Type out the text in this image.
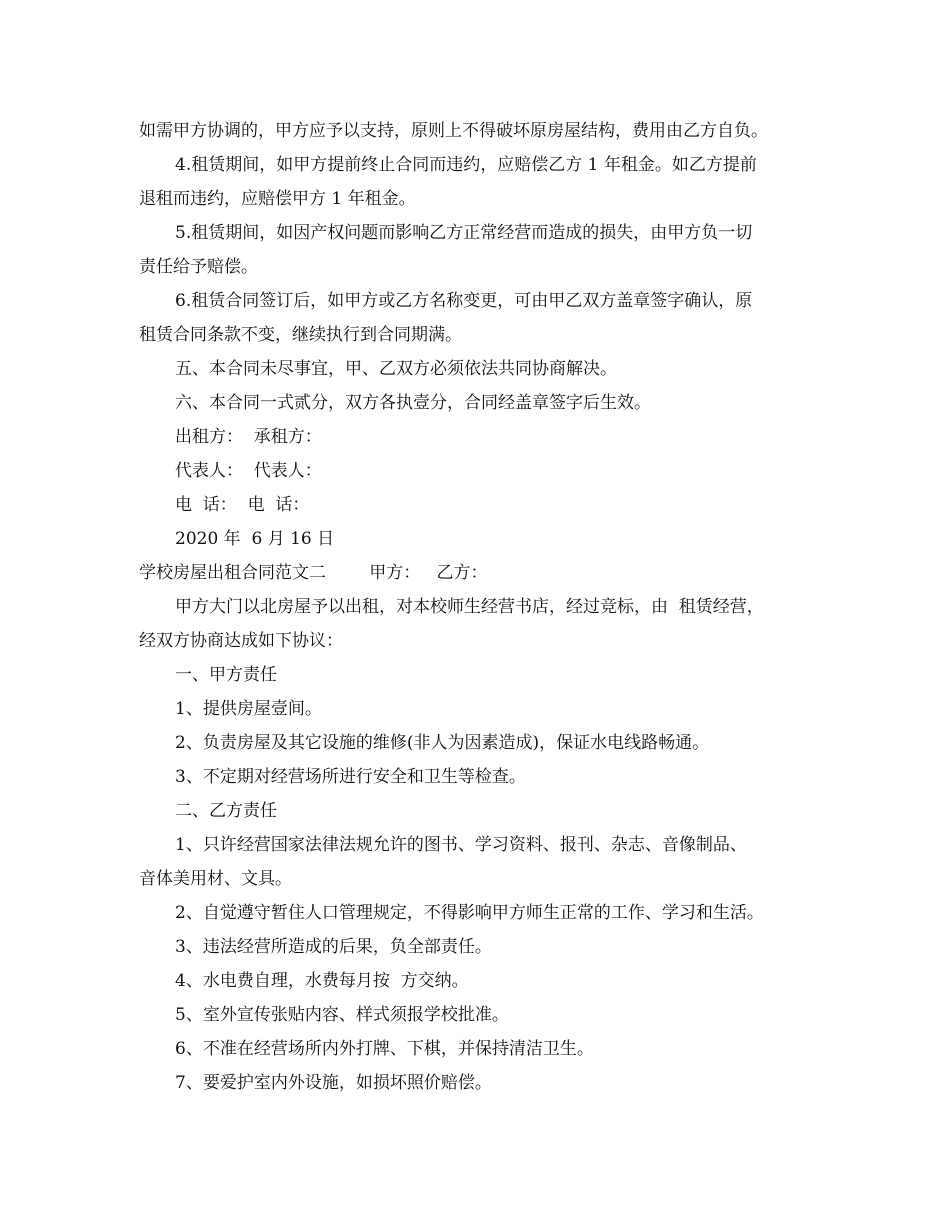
如需甲方协调的，甲方应予以支持，原则上不得破坏原房屋结构，费用由乙方自负。
4.租赁期间，如甲方提前终止合同而违约，应赔偿乙方 1 年租金。如乙方提前
退租而违约，应赔偿甲方 1 年租金。
5.租赁期间，如因产权问题而影响乙方正常经营而造成的损失，由甲方负一切
责任给予赔偿。
6.租赁合同签订后，如甲方或乙方名称变更，可由甲乙双方盖章签字确认，原
租赁合同条款不变，继续执行到合同期满。
五、本合同未尽事宜，甲、乙双方必须依法共同协商解决。
六、本合同一式贰分，双方各执壹分，合同经盖章签字后生效。
出租方：  承租方：
代表人：  代表人：
电  话：  电  话：
2020 年  6 月 16 日
学校房屋出租合同范文二        甲方：   乙方：
甲方大门以北房屋予以出租，对本校师生经营书店，经过竞标，由  租赁经营，
经双方协商达成如下协议：
一、甲方责任
1、提供房屋壹间。
2、负责房屋及其它设施的维修(非人为因素造成)，保证水电线路畅通。
3、不定期对经营场所进行安全和卫生等检查。
二、乙方责任
1、只许经营国家法律法规允许的图书、学习资料、报刊、杂志、音像制品、
音体美用材、文具。
2、自觉遵守暂住人口管理规定，不得影响甲方师生正常的工作、学习和生活。
3、违法经营所造成的后果，负全部责任。
4、水电费自理，水费每月按  方交纳。
5、室外宣传张贴内容、样式须报学校批准。
6、不准在经营场所内外打牌、下棋，并保持清洁卫生。
7、要爱护室内外设施，如损坏照价赔偿。
